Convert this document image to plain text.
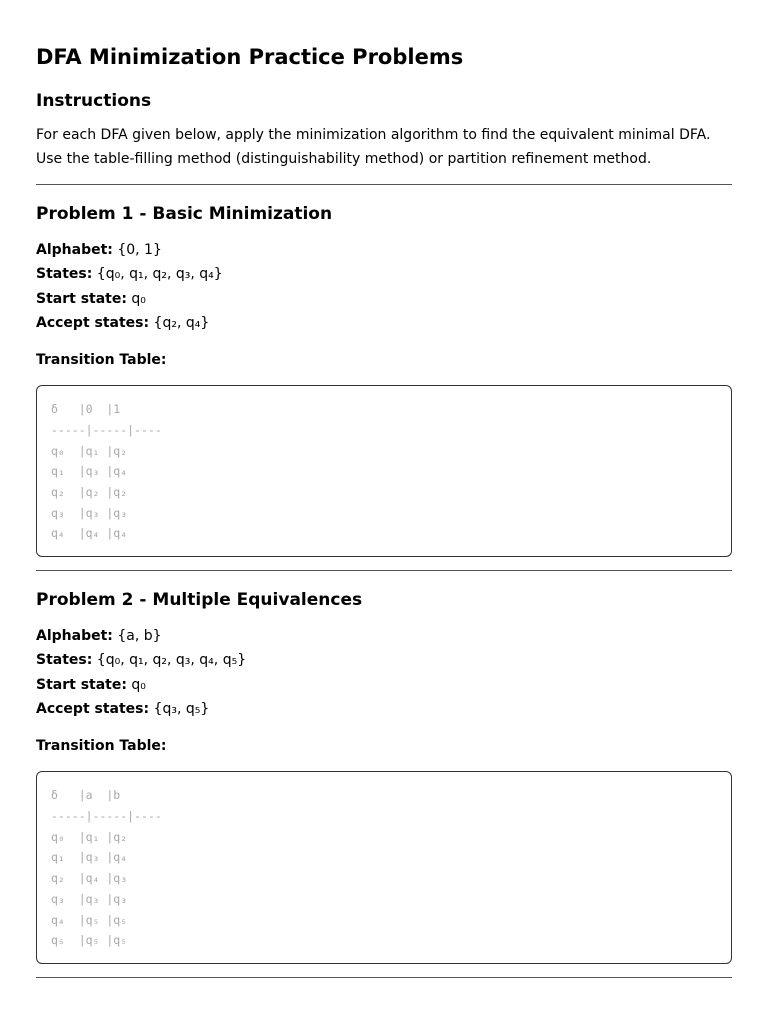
DFA Minimization Practice Problems
Instructions

For each DFA given below, apply the minimization algorithm to find the equivalent minimal DFA. Use the table-filling method (distinguishability method) or partition refinement method.

Problem 1 - Basic Minimization
Alphabet: {0, 1}
States: {q₀, q₁, q₂, q₃, q₄}
Start state: q₀
Accept states: {q₂, q₄}
Transition Table:
δ   |0  |1
-----|-----|----
q₀  |q₁ |q₂
q₁  |q₃ |q₄
q₂  |q₂ |q₂
q₃  |q₃ |q₃
q₄  |q₄ |q₄
Problem 2 - Multiple Equivalences
Alphabet: {a, b}
States: {q₀, q₁, q₂, q₃, q₄, q₅}
Start state: q₀
Accept states: {q₃, q₅}
Transition Table:
δ   |a  |b
-----|-----|----
q₀  |q₁ |q₂
q₁  |q₃ |q₄
q₂  |q₄ |q₃
q₃  |q₃ |q₃
q₄  |q₅ |q₅
q₅  |q₅ |q₅
